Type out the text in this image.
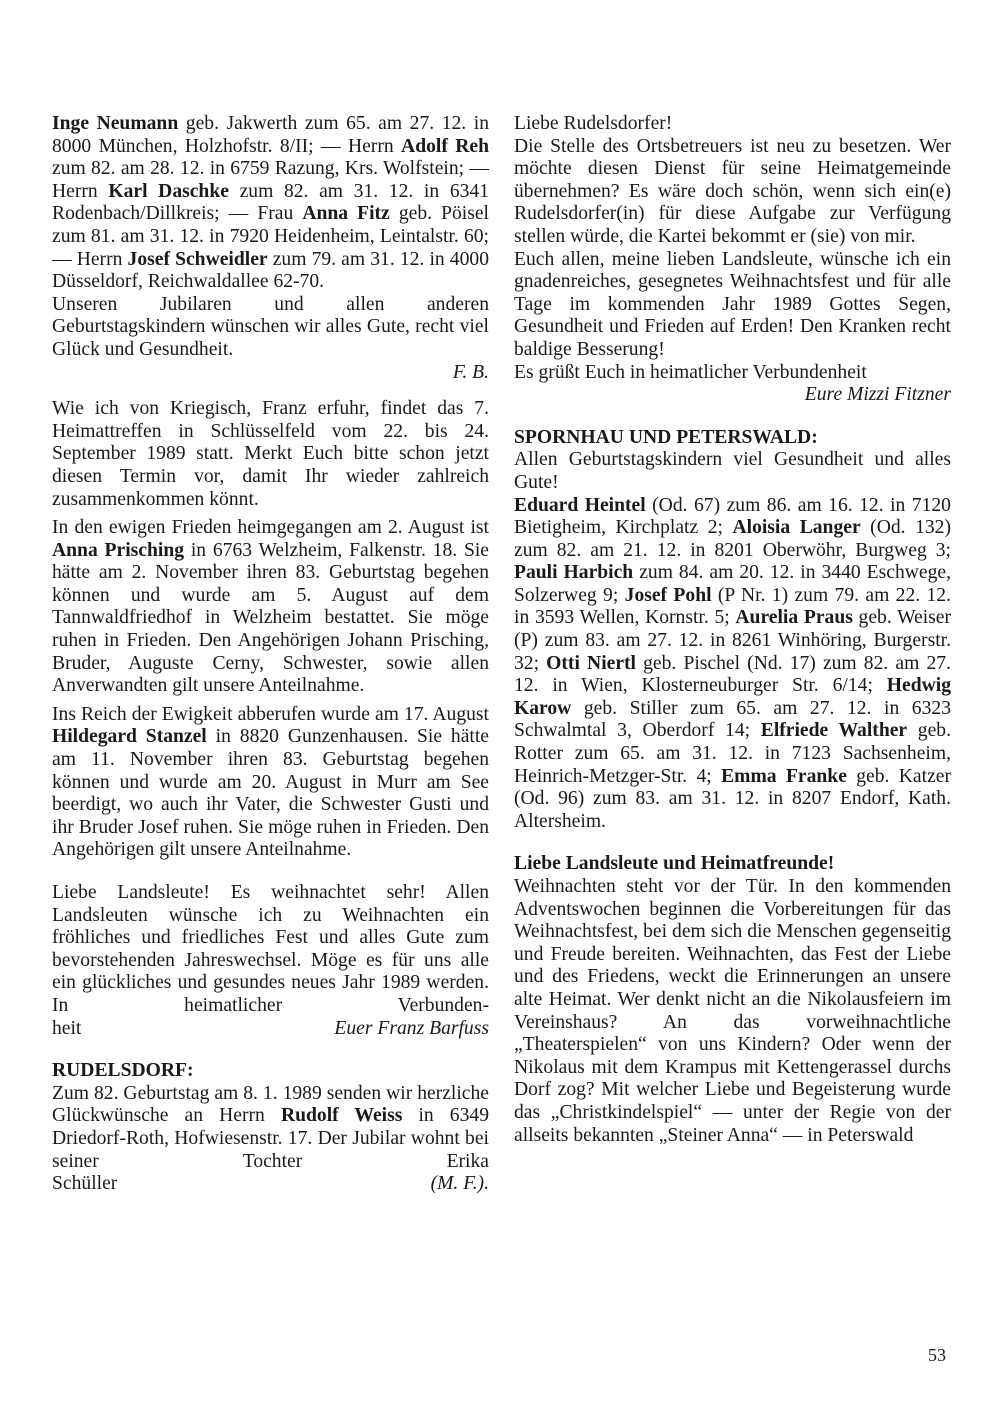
Inge Neumann geb. Jakwerth zum 65. am 27. 12. in 8000 München, Holzhofstr. 8/II; — Herrn Adolf Reh zum 82. am 28. 12. in 6759 Razung, Krs. Wolfstein; — Herrn Karl Daschke zum 82. am 31. 12. in 6341 Rodenbach/Dillkreis; — Frau Anna Fitz geb. Pöisel zum 81. am 31. 12. in 7920 Heidenheim, Leintalstr. 60; — Herrn Josef Schweidler zum 79. am 31. 12. in 4000 Düsseldorf, Reichwaldallee 62-70.

Unseren Jubilaren und allen anderen Geburtstagskindern wünschen wir alles Gute, recht viel Glück und Gesundheit.

F. B.

Wie ich von Kriegisch, Franz erfuhr, findet das 7. Heimattreffen in Schlüsselfeld vom 22. bis 24. September 1989 statt. Merkt Euch bitte schon jetzt diesen Termin vor, damit Ihr wieder zahlreich zusammenkommen könnt.

In den ewigen Frieden heimgegangen am 2. August ist Anna Prisching in 6763 Welzheim, Falkenstr. 18. Sie hätte am 2. November ihren 83. Geburtstag begehen können und wurde am 5. August auf dem Tannwaldfriedhof in Welzheim bestattet. Sie möge ruhen in Frieden. Den Angehörigen Johann Prisching, Bruder, Auguste Cerny, Schwester, sowie allen Anverwandten gilt unsere Anteilnahme.

Ins Reich der Ewigkeit abberufen wurde am 17. August Hildegard Stanzel in 8820 Gunzenhausen. Sie hätte am 11. November ihren 83. Geburtstag begehen können und wurde am 20. August in Murr am See beerdigt, wo auch ihr Vater, die Schwester Gusti und ihr Bruder Josef ruhen. Sie möge ruhen in Frieden. Den Angehörigen gilt unsere Anteilnahme.

Liebe Landsleute! Es weihnachtet sehr! Allen Landsleuten wünsche ich zu Weihnachten ein fröhliches und friedliches Fest und alles Gute zum bevorstehenden Jahreswechsel. Möge es für uns alle ein glückliches und gesundes neues Jahr 1989 werden. In heimatlicher Verbunden-

heit	Euer Franz Barfuss

RUDELSDORF:

Zum 82. Geburtstag am 8. 1. 1989 senden wir herzliche Glückwünsche an Herrn Rudolf Weiss in 6349 Driedorf-Roth, Hofwiesenstr. 17. Der Jubilar wohnt bei seiner Tochter Erika

Schüller	(M. F.).

Liebe Rudelsdorfer!

Die Stelle des Ortsbetreuers ist neu zu besetzen. Wer möchte diesen Dienst für seine Heimatgemeinde übernehmen? Es wäre doch schön, wenn sich ein(e) Rudelsdorfer(in) für diese Aufgabe zur Verfügung stellen würde, die Kartei bekommt er (sie) von mir.

Euch allen, meine lieben Landsleute, wünsche ich ein gnadenreiches, gesegnetes Weihnachtsfest und für alle Tage im kommenden Jahr 1989 Gottes Segen, Gesundheit und Frieden auf Erden! Den Kranken recht baldige Besserung!

Es grüßt Euch in heimatlicher Verbundenheit

Eure Mizzi Fitzner

SPORNHAU UND PETERSWALD:

Allen Geburtstagskindern viel Gesundheit und alles Gute!

Eduard Heintel (Od. 67) zum 86. am 16. 12. in 7120 Bietigheim, Kirchplatz 2; Aloisia Langer (Od. 132) zum 82. am 21. 12. in 8201 Oberwöhr, Burgweg 3; Pauli Harbich zum 84. am 20. 12. in 3440 Eschwege, Solzerweg 9; Josef Pohl (P Nr. 1) zum 79. am 22. 12. in 3593 Wellen, Kornstr. 5; Aurelia Praus geb. Weiser (P) zum 83. am 27. 12. in 8261 Winhöring, Burgerstr. 32; Otti Niertl geb. Pischel (Nd. 17) zum 82. am 27. 12. in Wien, Klosterneuburger Str. 6/14; Hedwig Karow geb. Stiller zum 65. am 27. 12. in 6323 Schwalmtal 3, Oberdorf 14; Elfriede Walther geb. Rotter zum 65. am 31. 12. in 7123 Sachsenheim, Heinrich-Metzger-Str. 4; Emma Franke geb. Katzer (Od. 96) zum 83. am 31. 12. in 8207 Endorf, Kath. Altersheim.

Liebe Landsleute und Heimatfreunde!

Weihnachten steht vor der Tür. In den kommenden Adventswochen beginnen die Vorbereitungen für das Weihnachtsfest, bei dem sich die Menschen gegenseitig und Freude bereiten. Weihnachten, das Fest der Liebe und des Friedens, weckt die Erinnerungen an unsere alte Heimat. Wer denkt nicht an die Nikolausfeiern im Vereinshaus? An das vorweihnachtliche „Theaterspielen“ von uns Kindern? Oder wenn der Nikolaus mit dem Krampus mit Kettengerassel durchs Dorf zog? Mit welcher Liebe und Begeisterung wurde das „Christkindelspiel“ — unter der Regie von der allseits bekannten „Steiner Anna“ — in Peterswald

53
